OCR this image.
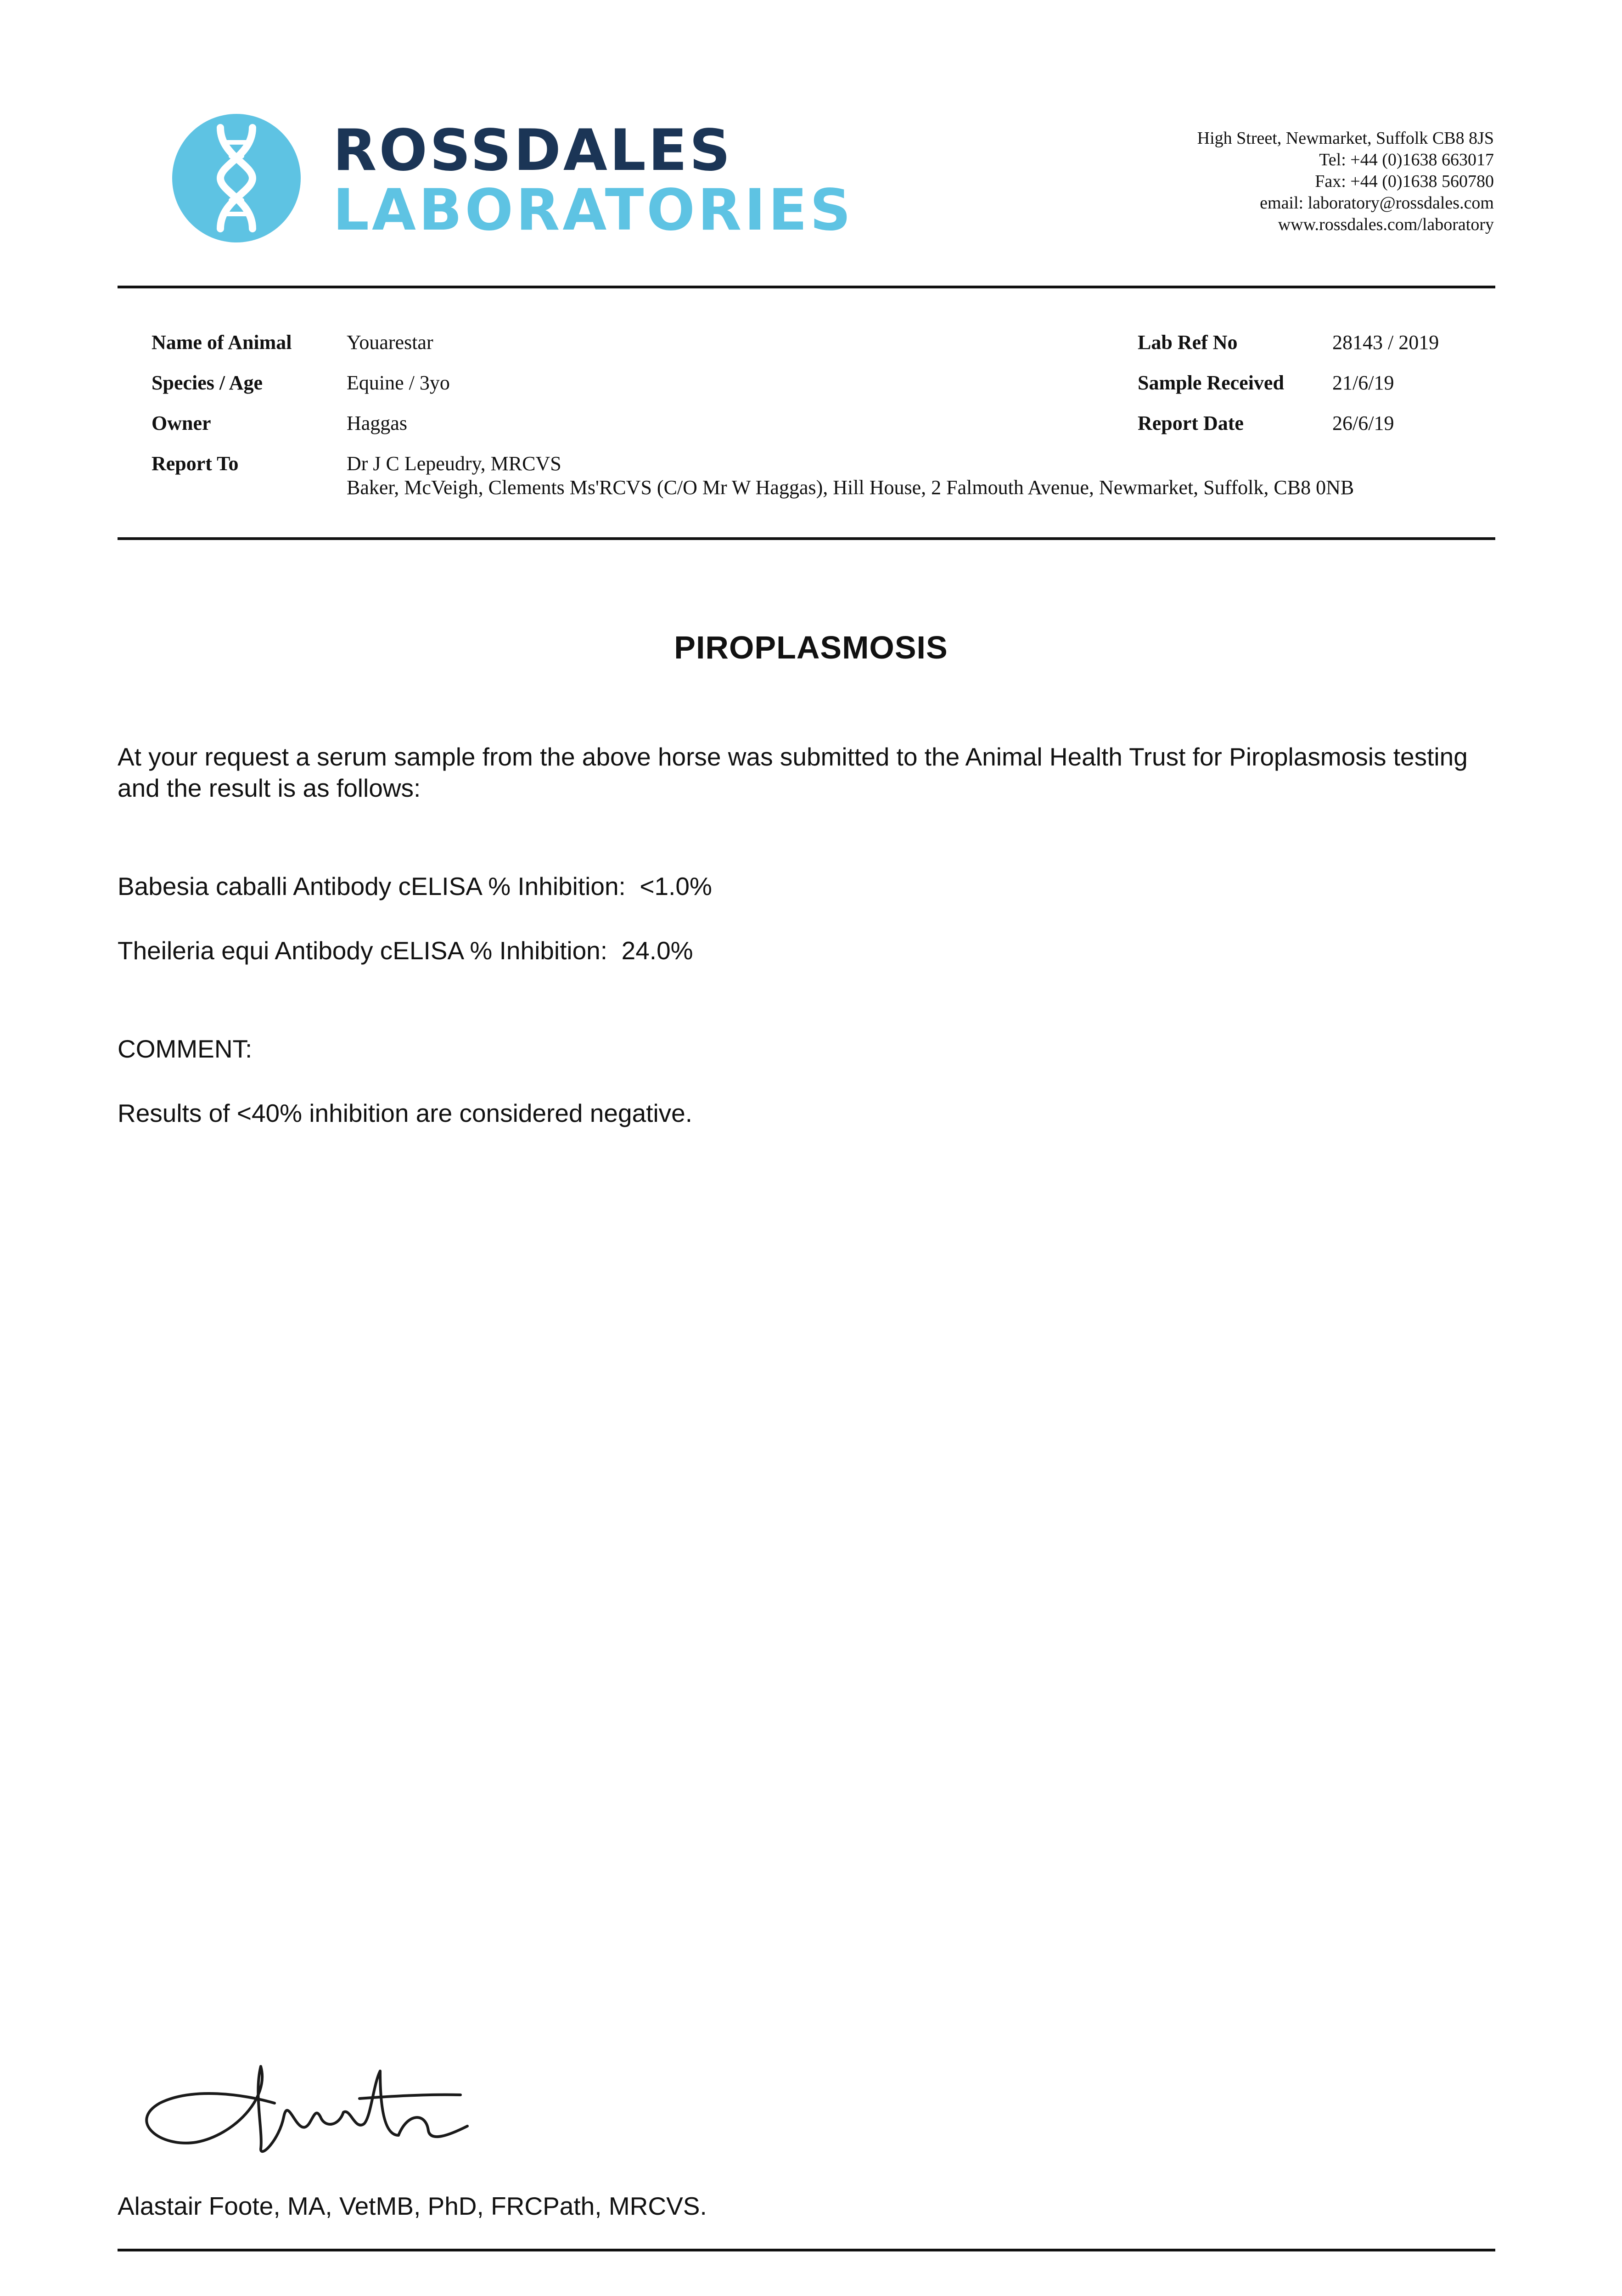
ROSSDALES
LABORATORIES
High Street, Newmarket, Suffolk CB8 8JS
Tel: +44 (0)1638 663017
Fax: +44 (0)1638 560780
email: laboratory@rossdales.com
www.rossdales.com/laboratory
Name of Animal	Youarestar
Species / Age	Equine / 3yo
Owner	Haggas
Report To	Dr J C Lepeudry, MRCVS
Baker, McVeigh, Clements Ms'RCVS (C/O Mr W Haggas), Hill House, 2 Falmouth Avenue, Newmarket, Suffolk, CB8 0NB
Lab Ref No	28143 / 2019
Sample Received 21/6/19
Report Date	26/6/19
PIROPLASMOSIS
At your request a serum sample from the above horse was submitted to the Animal Health Trust for Piroplasmosis testing and the result is as follows:
Babesia caballi Antibody cELISA % Inhibition: <1.0%
Theileria equi Antibody cELISA % Inhibition: 24.0%
COMMENT:
Results of <40% inhibition are considered negative.
Alastair Foote, MA, VetMB, PhD, FRCPath, MRCVS.
